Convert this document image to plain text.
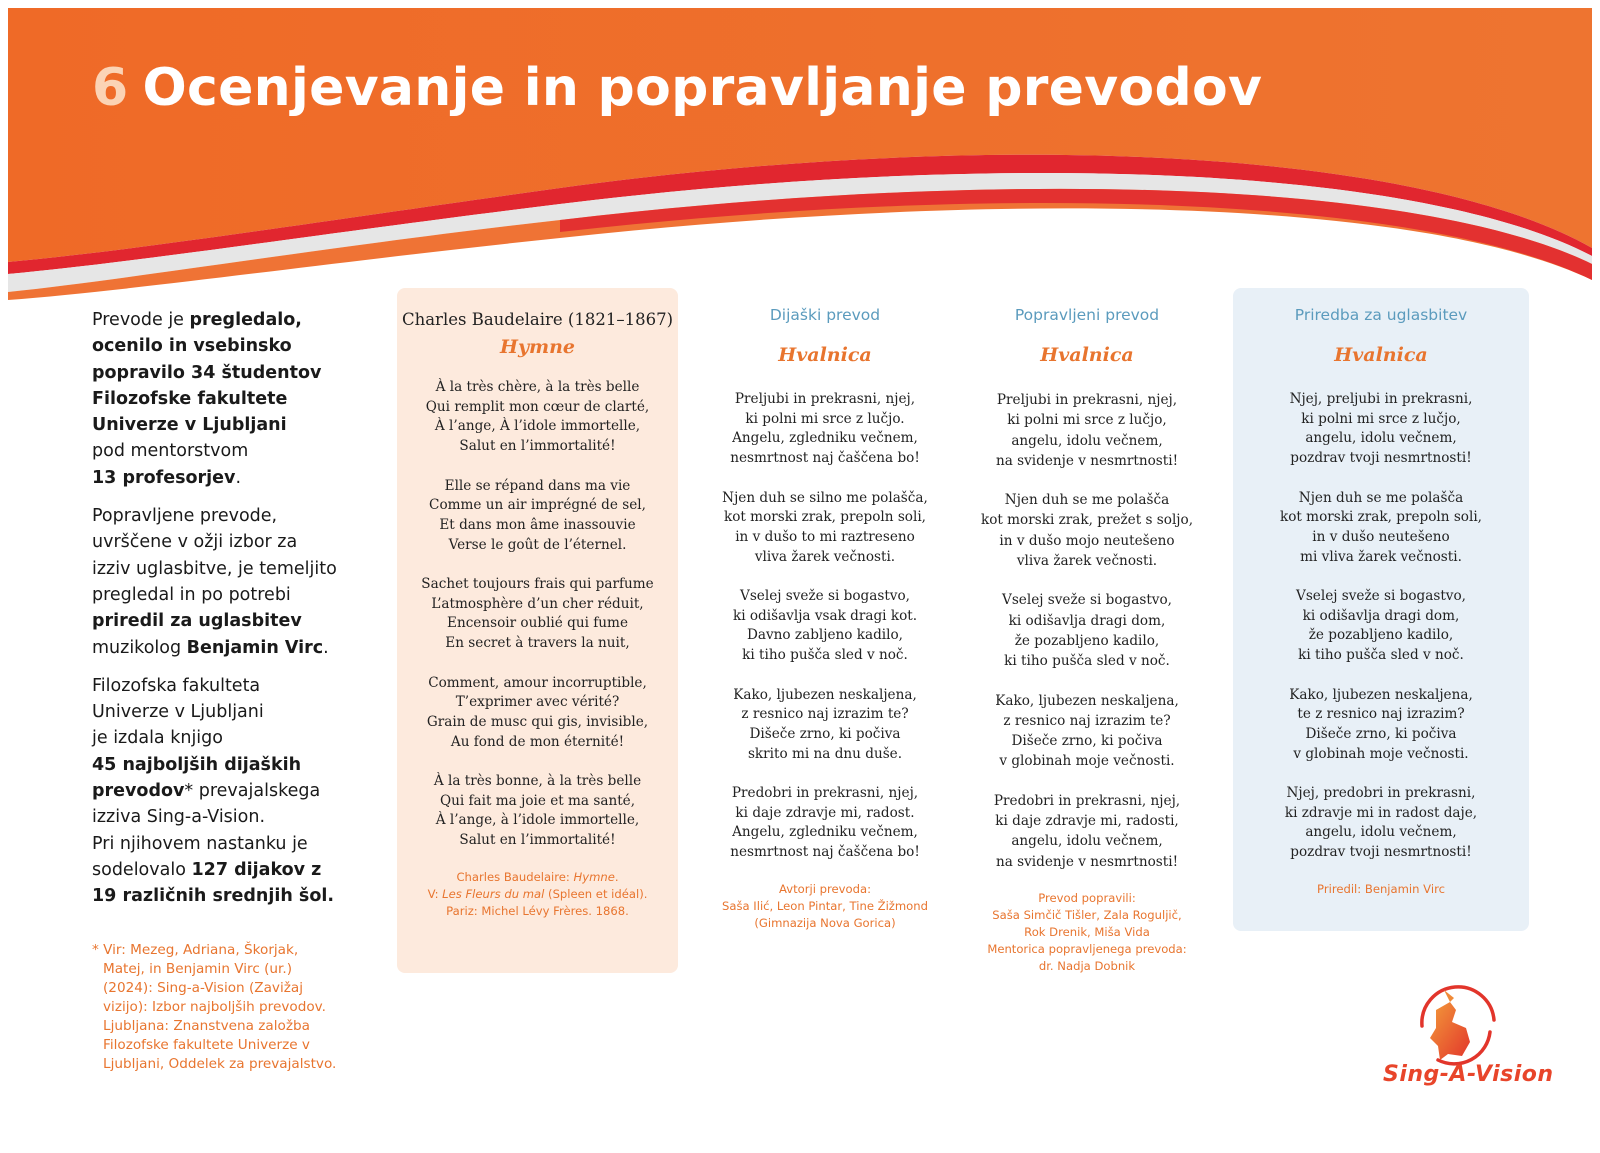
6 Ocenjevanje in popravljanje prevodov

Prevode je pregledalo,
ocenilo in vsebinsko
popravilo 34 študentov
Filozofske fakultete
Univerze v Ljubljani
pod mentorstvom
13 profesorjev.

Popravljene prevode,
uvrščene v ožji izbor za
izziv uglasbitve, je temeljito
pregledal in po potrebi
priredil za uglasbitev
muzikolog Benjamin Virc.

Filozofska fakulteta
Univerze v Ljubljani
je izdala knjigo
45 najboljših dijaških
prevodov* prevajalskega
izziva Sing-a-Vision.
Pri njihovem nastanku je
sodelovalo 127 dijakov z
19 različnih srednjih šol.

* Vir: Mezeg, Adriana, Škorjak,
Matej, in Benjamin Virc (ur.)
(2024): Sing-a-Vision (Zavižaj
vizijo): Izbor najboljših prevodov.
Ljubljana: Znanstvena založba
Filozofske fakultete Univerze v
Ljubljani, Oddelek za prevajalstvo.
Charles Baudelaire (1821–1867)
Hymne
À la très chère, à la très belle
Qui remplit mon cœur de clarté,
À l’ange, À l’idole immortelle,
Salut en l’immortalité!
Elle se répand dans ma vie
Comme un air imprégné de sel,
Et dans mon âme inassouvie
Verse le goût de l’éternel.
Sachet toujours frais qui parfume
L’atmosphère d’un cher réduit,
Encensoir oublié qui fume
En secret à travers la nuit,
Comment, amour incorruptible,
T’exprimer avec vérité?
Grain de musc qui gis, invisible,
Au fond de mon éternité!
À la très bonne, à la très belle
Qui fait ma joie et ma santé,
À l’ange, à l’idole immortelle,
Salut en l’immortalité!
Charles Baudelaire: Hymne.
V: Les Fleurs du mal (Spleen et idéal).
Pariz: Michel Lévy Frères. 1868.
Dijaški prevod
Hvalnica
Preljubi in prekrasni, njej,
ki polni mi srce z lučjo.
Angelu, zgledniku večnem,
nesmrtnost naj čaščena bo!
Njen duh se silno me polašča,
kot morski zrak, prepoln soli,
in v dušo to mi raztreseno
vliva žarek večnosti.
Vselej sveže si bogastvo,
ki odišavlja vsak dragi kot.
Davno zabljeno kadilo,
ki tiho pušča sled v noč.
Kako, ljubezen neskaljena,
z resnico naj izrazim te?
Dišeče zrno, ki počiva
skrito mi na dnu duše.
Predobri in prekrasni, njej,
ki daje zdravje mi, radost.
Angelu, zgledniku večnem,
nesmrtnost naj čaščena bo!
Avtorji prevoda:
Saša Ilić, Leon Pintar, Tine Žižmond
(Gimnazija Nova Gorica)
Popravljeni prevod
Hvalnica
Preljubi in prekrasni, njej,
ki polni mi srce z lučjo,
angelu, idolu večnem,
na svidenje v nesmrtnosti!
Njen duh se me polašča
kot morski zrak, prežet s soljo,
in v dušo mojo neutešeno
vliva žarek večnosti.
Vselej sveže si bogastvo,
ki odišavlja dragi dom,
že pozabljeno kadilo,
ki tiho pušča sled v noč.
Kako, ljubezen neskaljena,
z resnico naj izrazim te?
Dišeče zrno, ki počiva
v globinah moje večnosti.
Predobri in prekrasni, njej,
ki daje zdravje mi, radosti,
angelu, idolu večnem,
na svidenje v nesmrtnosti!
Prevod popravili:
Saša Simčič Tišler, Zala Roguljič,
Rok Drenik, Miša Vida
Mentorica popravljenega prevoda:
dr. Nadja Dobnik
Priredba za uglasbitev
Hvalnica
Njej, preljubi in prekrasni,
ki polni mi srce z lučjo,
angelu, idolu večnem,
pozdrav tvoji nesmrtnosti!
Njen duh se me polašča
kot morski zrak, prepoln soli,
in v dušo neutešeno
mi vliva žarek večnosti.
Vselej sveže si bogastvo,
ki odišavlja dragi dom,
že pozabljeno kadilo,
ki tiho pušča sled v noč.
Kako, ljubezen neskaljena,
te z resnico naj izrazim?
Dišeče zrno, ki počiva
v globinah moje večnosti.
Njej, predobri in prekrasni,
ki zdravje mi in radost daje,
angelu, idolu večnem,
pozdrav tvoji nesmrtnosti!
Priredil: Benjamin Virc
Sing-A-Vision
